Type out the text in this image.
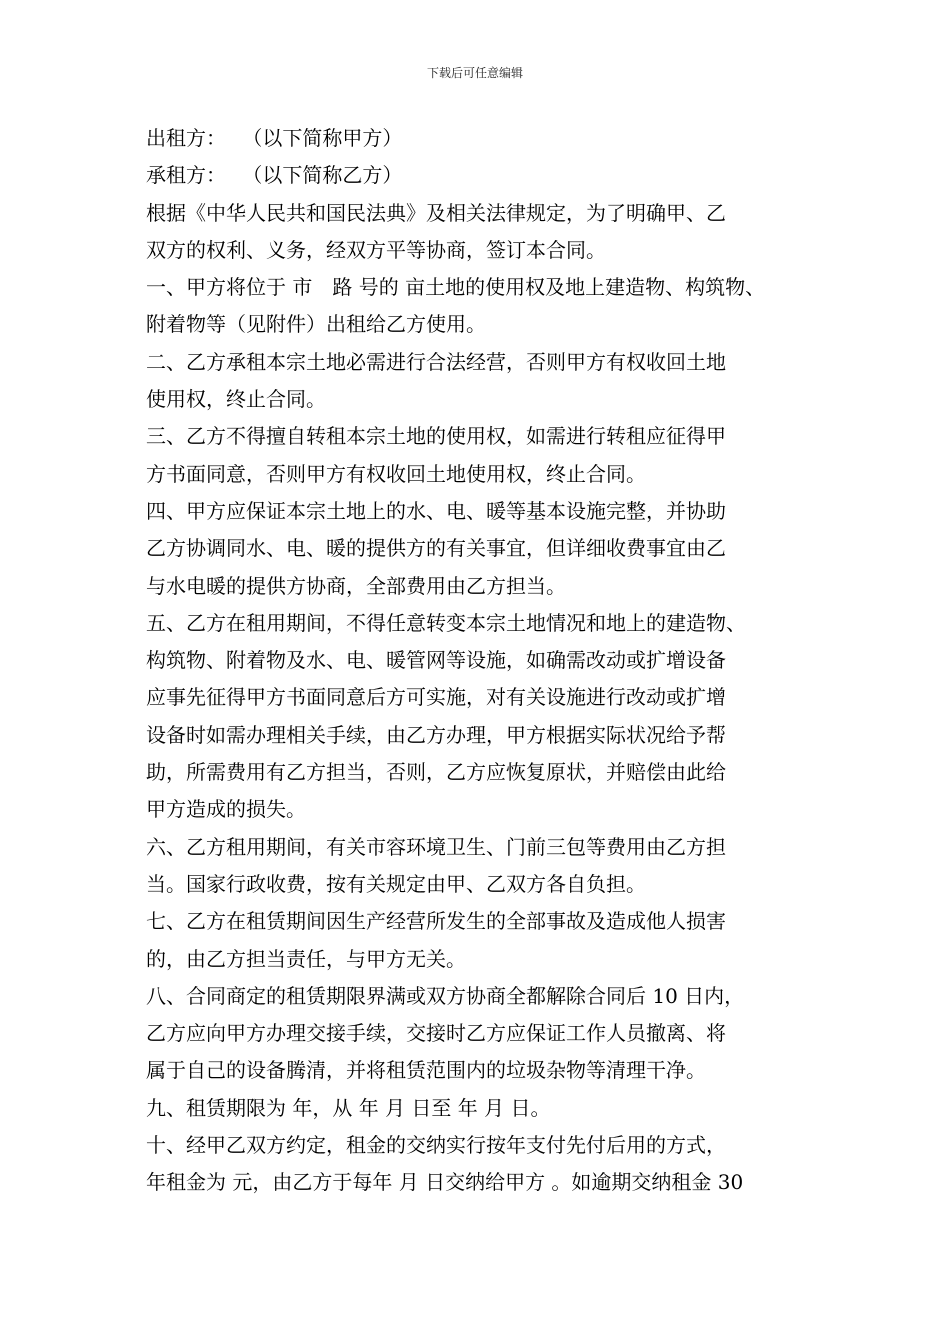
下载后可任意编辑
出租方：　 （以下简称甲方）
承租方：　 （以下简称乙方）
根据《中华人民共和国民法典》及相关法律规定，为了明确甲、乙
双方的权利、义务，经双方平等协商，签订本合同。
一、甲方将位于 市　路 号的 亩土地的使用权及地上建造物、构筑物、
附着物等（见附件）出租给乙方使用。
二、乙方承租本宗土地必需进行合法经营，否则甲方有权收回土地
使用权，终止合同。
三、乙方不得擅自转租本宗土地的使用权，如需进行转租应征得甲
方书面同意，否则甲方有权收回土地使用权，终止合同。
四、甲方应保证本宗土地上的水、电、暖等基本设施完整，并协助
乙方协调同水、电、暖的提供方的有关事宜，但详细收费事宜由乙
与水电暖的提供方协商，全部费用由乙方担当。
五、乙方在租用期间，不得任意转变本宗土地情况和地上的建造物、
构筑物、附着物及水、电、暖管网等设施，如确需改动或扩增设备
应事先征得甲方书面同意后方可实施，对有关设施进行改动或扩增
设备时如需办理相关手续，由乙方办理，甲方根据实际状况给予帮
助，所需费用有乙方担当，否则，乙方应恢复原状，并赔偿由此给
甲方造成的损失。
六、乙方租用期间，有关市容环境卫生、门前三包等费用由乙方担
当。国家行政收费，按有关规定由甲、乙双方各自负担。
七、乙方在租赁期间因生产经营所发生的全部事故及造成他人损害
的，由乙方担当责任，与甲方无关。
八、合同商定的租赁期限界满或双方协商全都解除合同后 10 日内，
乙方应向甲方办理交接手续，交接时乙方应保证工作人员撤离、将
属于自己的设备腾清，并将租赁范围内的垃圾杂物等清理干净。
九、租赁期限为 年，从 年 月 日至 年 月 日。
十、经甲乙双方约定，租金的交纳实行按年支付先付后用的方式，
年租金为 元，由乙方于每年 月 日交纳给甲方 。如逾期交纳租金 30
